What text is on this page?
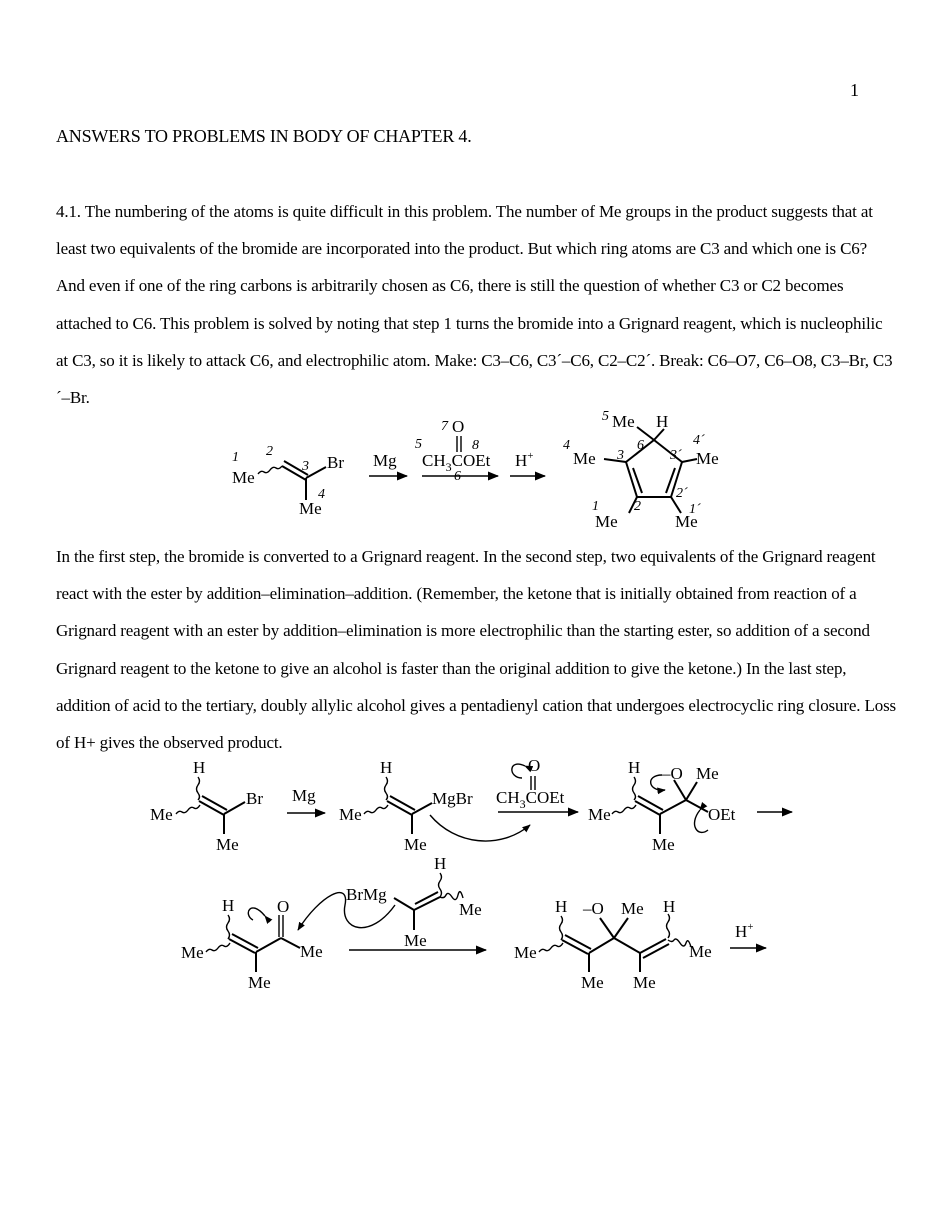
1
ANSWERS TO PROBLEMS IN BODY OF CHAPTER 4.
4.1. The numbering of the atoms is quite difficult in this problem. The number of Me groups in the product suggests that at least two equivalents of the bromide are incorporated into the product. But which ring atoms are C3 and which one is C6? And even if one of the ring carbons is arbitrarily chosen as C6, there is still the question of whether C3 or C2 becomes attached to C6. This problem is solved by noting that step 1 turns the bromide into a Grignard reagent, which is nucleophilic at C3, so it is likely to attack C6, and electrophilic atom. Make: C3–C6, C3´–C6, C2–C2´. Break: C6–O7, C6–O8, C3–Br, C3´–Br.
In the first step, the bromide is converted to a Grignard reagent. In the second step, two equivalents of the Grignard reagent react with the ester by addition–elimination–addition. (Remember, the ketone that is initially obtained from reaction of a Grignard reagent with an ester by addition–elimination is more electrophilic than the starting ester, so addition of a second Grignard reagent to the ketone to give an alcohol is faster than the original addition to give the ketone.) In the last step, addition of acid to the tertiary, doubly allylic alcohol gives a pentadienyl cation that undergoes electrocyclic ring closure. Loss of H+ gives the observed product.
Me
Br
Me
1 2
3
4
Mg
7 O
5	8
$CH_3COEt$
6
H+
5 Me H
6
4
Me 3
4´
3´ Me
2´
1	2	1´
Me	Me
H
Me
Br
Me
Mg
H
Me
MgBr
Me
O
$CH_3COEt$
H –O Me
OEt
Me
Me
H	O
Me	Me
Me
H
BrMg
Me
Me
H –O Me H
Me	Me
Me Me
H+
